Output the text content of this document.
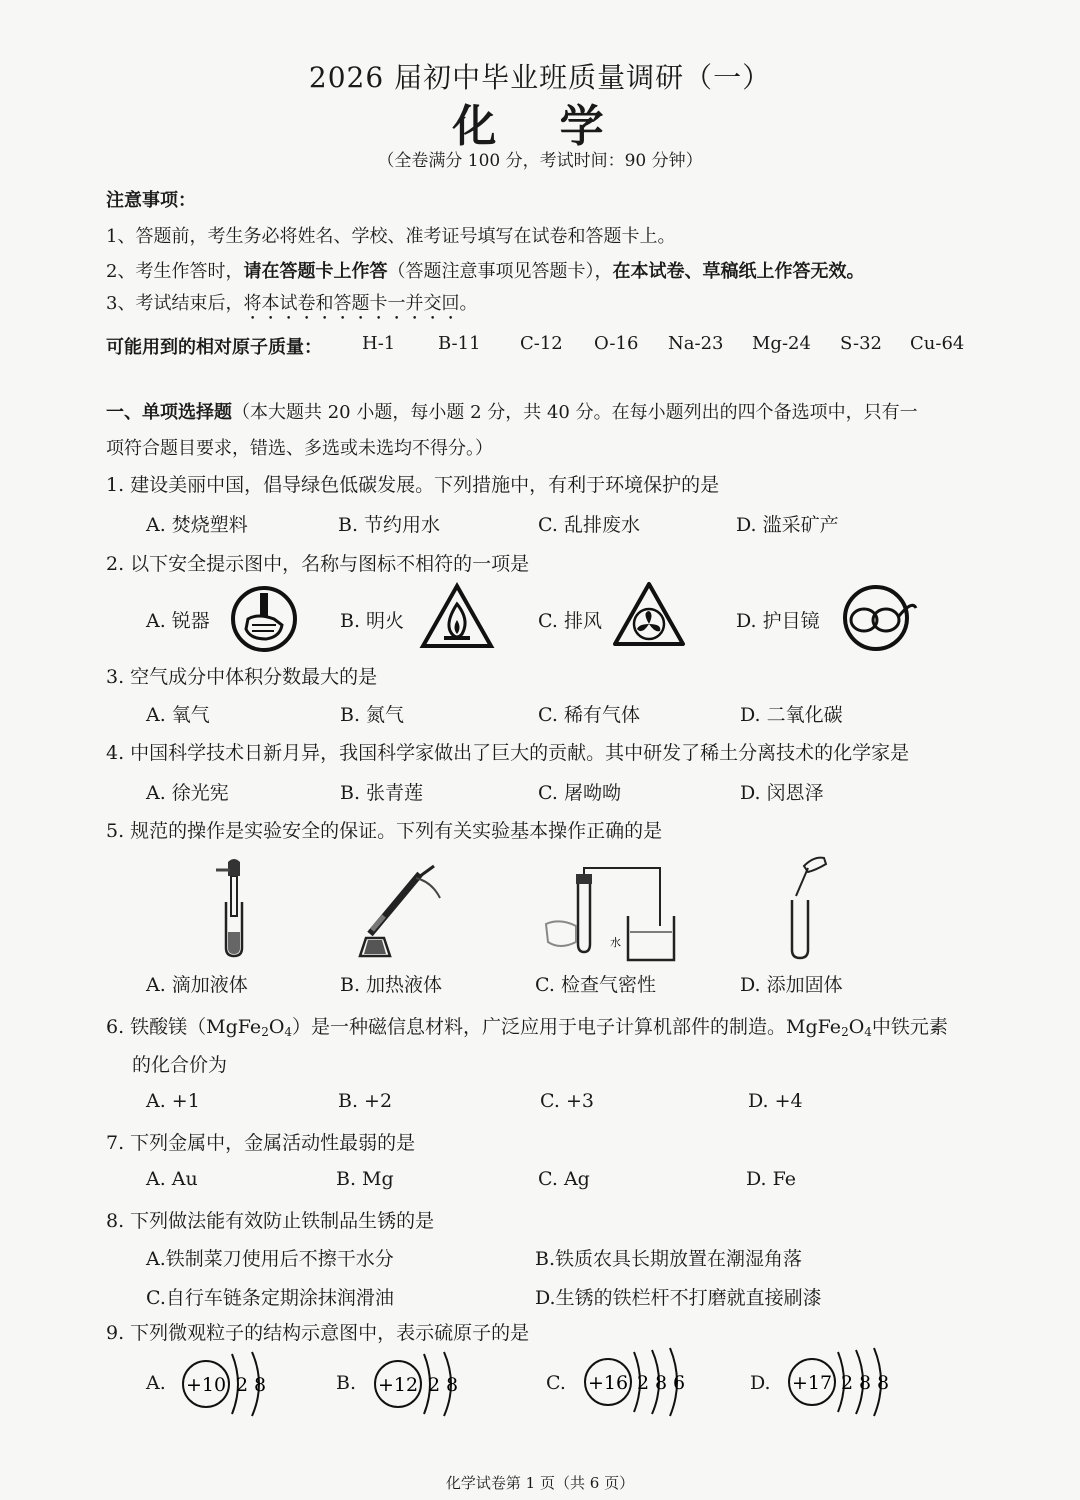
2026 届初中毕业班质量调研（一）
化 学
（全卷满分 100 分，考试时间：90 分钟）
注意事项：
1、答题前，考生务必将姓名、学校、准考证号填写在试卷和答题卡上。
2、考生作答时，请在答题卡上作答（答题注意事项见答题卡），在本试卷、草稿纸上作答无效。
3、考试结束后，将本试卷和答题卡一并交回。
可能用到的相对原子质量： H-1 B-11 C-12 O-16 Na-23 Mg-24 S-32 Cu-64
一、单项选择题（本大题共 20 小题，每小题 2 分，共 40 分。在每小题列出的四个备选项中，只有一
项符合题目要求，错选、多选或未选均不得分。）
1. 建设美丽中国，倡导绿色低碳发展。下列措施中，有利于环境保护的是
A. 焚烧塑料	B. 节约用水	C. 乱排废水	D. 滥采矿产
2. 以下安全提示图中，名称与图标不相符的一项是
A. 锐器	B. 明火	C. 排风	D. 护目镜
3. 空气成分中体积分数最大的是
A. 氧气	B. 氮气	C. 稀有气体	D. 二氧化碳
4. 中国科学技术日新月异，我国科学家做出了巨大的贡献。其中研发了稀土分离技术的化学家是
A. 徐光宪	B. 张青莲	C. 屠呦呦	D. 闵恩泽
5. 规范的操作是实验安全的保证。下列有关实验基本操作正确的是
水
A. 滴加液体	B. 加热液体	C. 检查气密性	D. 添加固体
6. 铁酸镁$(MgFe_2O_4)$是一种磁信息材料，广泛应用于电子计算机部件的制造。$MgFe_2O_4$中铁元素
的化合价为
A. +1	B. +2	C. +3	D. +4
7. 下列金属中，金属活动性最弱的是
A. Au	B. Mg	C. Ag	D. Fe
8. 下列做法能有效防止铁制品生锈的是
A.铁制菜刀使用后不擦干水分	B.铁质农具长期放置在潮湿角落
C.自行车链条定期涂抹润滑油	D.生锈的铁栏杆不打磨就直接刷漆
9. 下列微观粒子的结构示意图中，表示硫原子的是
A. +10 2 8	B. +12 2 8	C. +16 2 8 6	D. +17 2 8 8
化学试卷第 1 页（共 6 页）
